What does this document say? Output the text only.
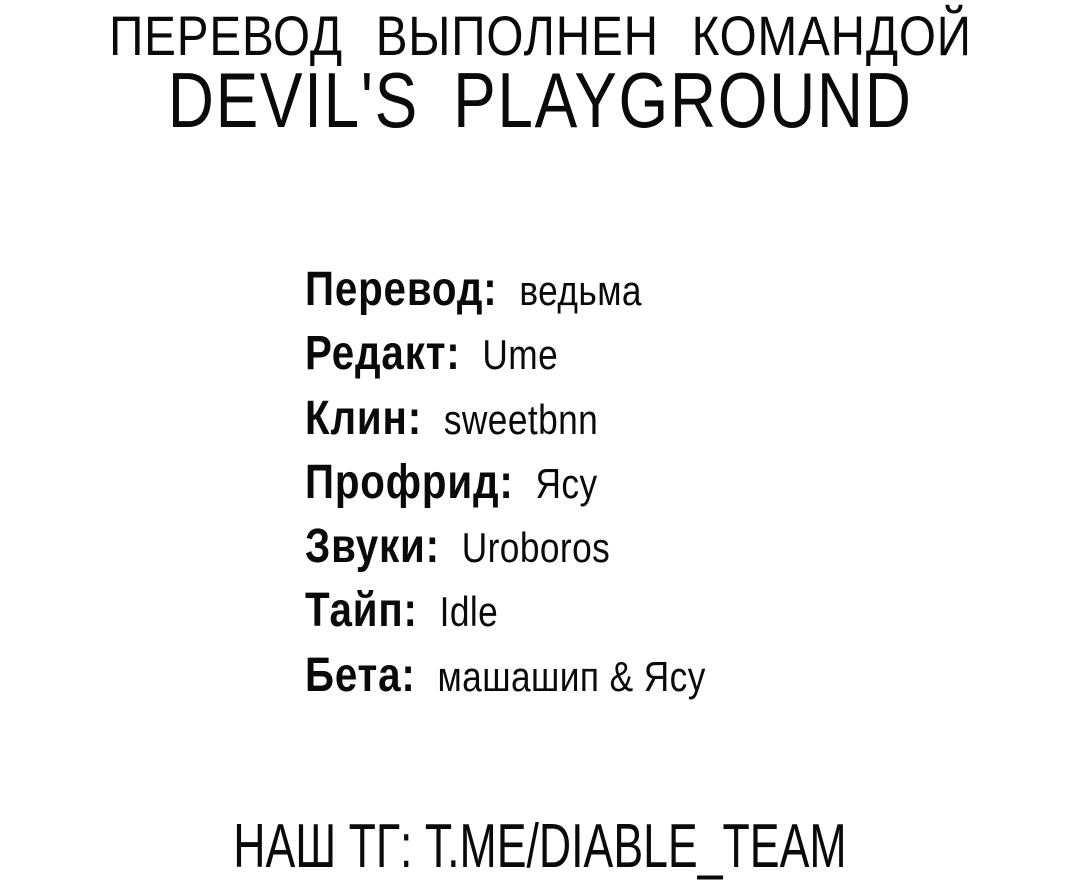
ПЕРЕВОД ВЫПОЛНЕН КОМАНДОЙ
DEVIL'S PLAYGROUND
Перевод: ведьма
Редакт: Ume
Клин: sweetbnn
Профрид: Ясу
Звуки: Uroboros
Тайп: Idle
Бета: машашип & Ясу
НАШ ТГ: T.ME/DIABLE_TEAM
